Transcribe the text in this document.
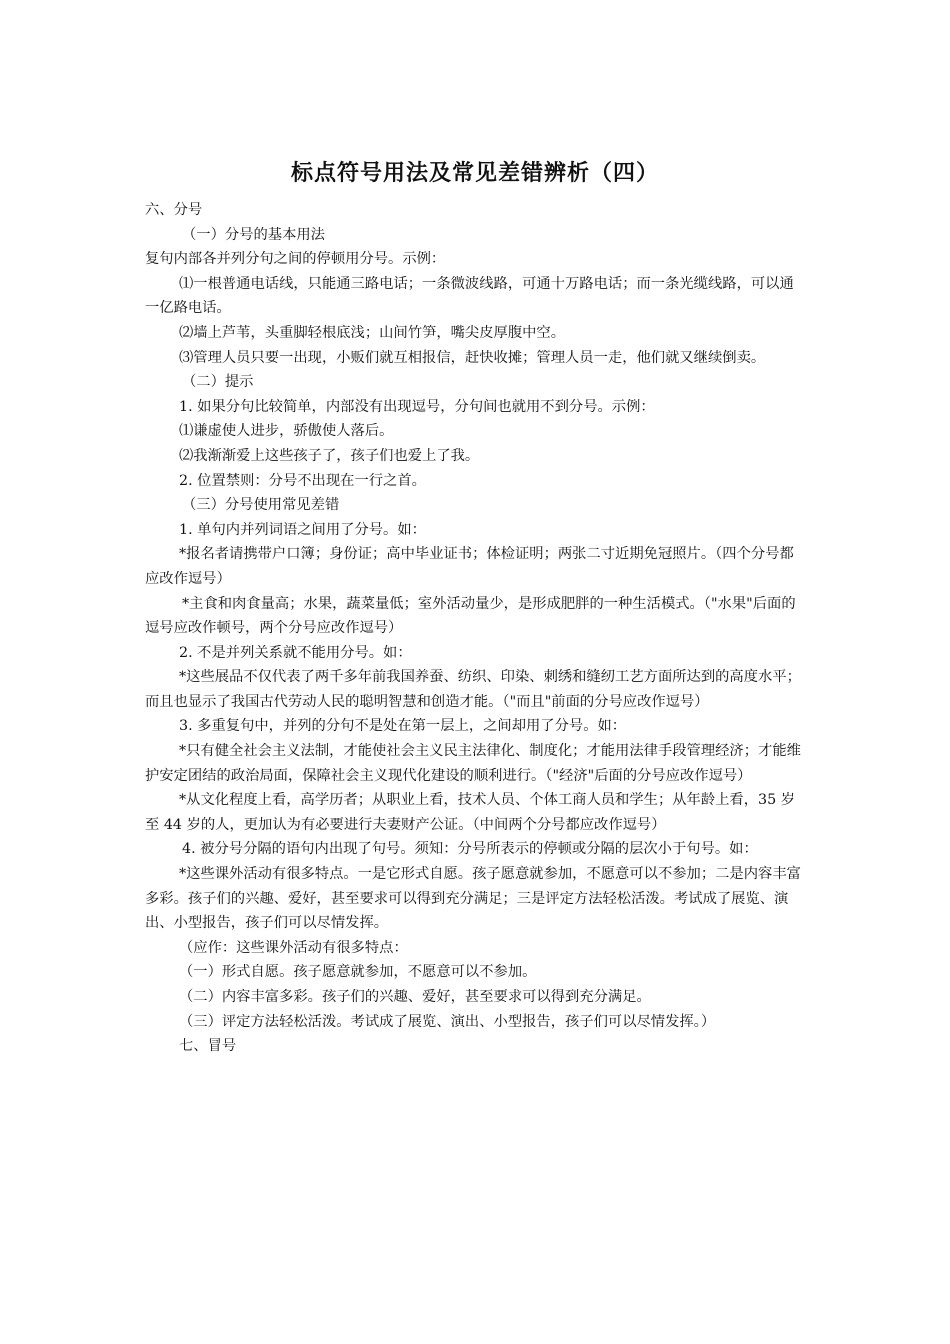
标点符号用法及常见差错辨析（四）

六、分号

（一）分号的基本用法

复句内部各并列分句之间的停顿用分号。示例：

⑴一根普通电话线，只能通三路电话；一条微波线路，可通十万路电话；而一条光缆线路，可以通一亿路电话。

⑵墙上芦苇，头重脚轻根底浅；山间竹笋，嘴尖皮厚腹中空。

⑶管理人员只要一出现，小贩们就互相报信，赶快收摊；管理人员一走，他们就又继续倒卖。

（二）提示

1. 如果分句比较简单，内部没有出现逗号，分句间也就用不到分号。示例：

⑴谦虚使人进步，骄傲使人落后。

⑵我渐渐爱上这些孩子了，孩子们也爱上了我。

2. 位置禁则：分号不出现在一行之首。

（三）分号使用常见差错

1. 单句内并列词语之间用了分号。如：

*报名者请携带户口簿；身份证；高中毕业证书；体检证明；两张二寸近期免冠照片。（四个分号都应改作逗号）

*主食和肉食量高；水果，蔬菜量低；室外活动量少，是形成肥胖的一种生活模式。（"水果"后面的逗号应改作顿号，两个分号应改作逗号）

2. 不是并列关系就不能用分号。如：

*这些展品不仅代表了两千多年前我国养蚕、纺织、印染、刺绣和缝纫工艺方面所达到的高度水平；而且也显示了我国古代劳动人民的聪明智慧和创造才能。（"而且"前面的分号应改作逗号）

3. 多重复句中，并列的分句不是处在第一层上，之间却用了分号。如：

*只有健全社会主义法制，才能使社会主义民主法律化、制度化；才能用法律手段管理经济；才能维护安定团结的政治局面，保障社会主义现代化建设的顺利进行。（"经济"后面的分号应改作逗号）

*从文化程度上看，高学历者；从职业上看，技术人员、个体工商人员和学生；从年龄上看，35 岁至 44 岁的人，更加认为有必要进行夫妻财产公证。（中间两个分号都应改作逗号）

4. 被分号分隔的语句内出现了句号。须知：分号所表示的停顿或分隔的层次小于句号。如：

*这些课外活动有很多特点。一是它形式自愿。孩子愿意就参加，不愿意可以不参加；二是内容丰富多彩。孩子们的兴趣、爱好，甚至要求可以得到充分满足；三是评定方法轻松活泼。考试成了展览、演出、小型报告，孩子们可以尽情发挥。

（应作：这些课外活动有很多特点：

（一）形式自愿。孩子愿意就参加，不愿意可以不参加。

（二）内容丰富多彩。孩子们的兴趣、爱好，甚至要求可以得到充分满足。

（三）评定方法轻松活泼。考试成了展览、演出、小型报告，孩子们可以尽情发挥。）

七、冒号
